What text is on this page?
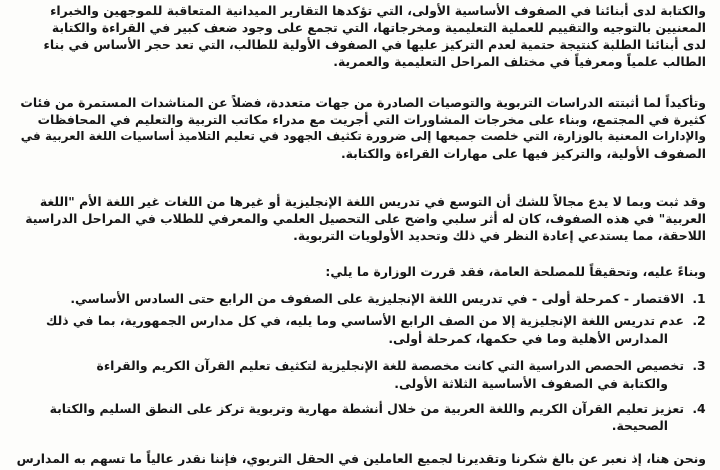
والكتابة لدى أبنائنا في الصفوف الأساسية الأولى، التي تؤكدها التقارير الميدانية المتعاقبة للموجهين والخبراء

المعنيين بالتوجيه والتقييم للعملية التعليمية ومخرجاتها، التي تجمع على وجود ضعف كبير في القراءة والكتابة

لدى أبنائنا الطلبة كنتيجة حتمية لعدم التركيز عليها في الصفوف الأولية للطالب، التي تعد حجر الأساس في بناء

الطالب علمياً ومعرفياً في مختلف المراحل التعليمية والعمرية.

وتأكيداً لما أثبتته الدراسات التربوية والتوصيات الصادرة من جهات متعددة، فضلاً عن المناشدات المستمرة من فئات

كثيرة في المجتمع، وبناء على مخرجات المشاورات التي أجريت مع مدراء مكاتب التربية والتعليم في المحافظات

والإدارات المعنية بالوزارة، التي خلصت جميعها إلى ضرورة تكثيف الجهود في تعليم التلاميذ أساسيات اللغة العربية في

الصفوف الأولية، والتركيز فيها على مهارات القراءة والكتابة.

وقد ثبت وبما لا يدع مجالاً للشك أن التوسع في تدريس اللغة الإنجليزية أو غيرها من اللغات غير اللغة الأم "اللغة

العربية" في هذه الصفوف، كان له أثر سلبي واضح على التحصيل العلمي والمعرفي للطلاب في المراحل الدراسية

اللاحقة، مما يستدعي إعادة النظر في ذلك وتحديد الأولويات التربوية.

وبناءً عليه، وتحقيقاً للمصلحة العامة، فقد قررت الوزارة ما يلي:

1.الاقتصار - كمرحلة أولى - في تدريس اللغة الإنجليزية على الصفوف من الرابع حتى السادس الأساسي.

2.عدم تدريس اللغة الإنجليزية إلا من الصف الرابع الأساسي وما يليه، في كل مدارس الجمهورية، بما في ذلك

المدارس الأهلية وما في حكمها، كمرحلة أولى.

3.تخصيص الحصص الدراسية التي كانت مخصصة للغة الإنجليزية لتكثيف تعليم القرآن الكريم والقراءة

والكتابة في الصفوف الأساسية الثلاثة الأولى.

4.تعزيز تعليم القرآن الكريم واللغة العربية من خلال أنشطة مهارية وتربوية تركز على النطق السليم والكتابة

الصحيحة.

ونحن هنا، إذ نعبر عن بالغ شكرنا وتقديرنا لجميع العاملين في الحقل التربوي، فإننا نقدر عالياً ما تسهم به المدارس
